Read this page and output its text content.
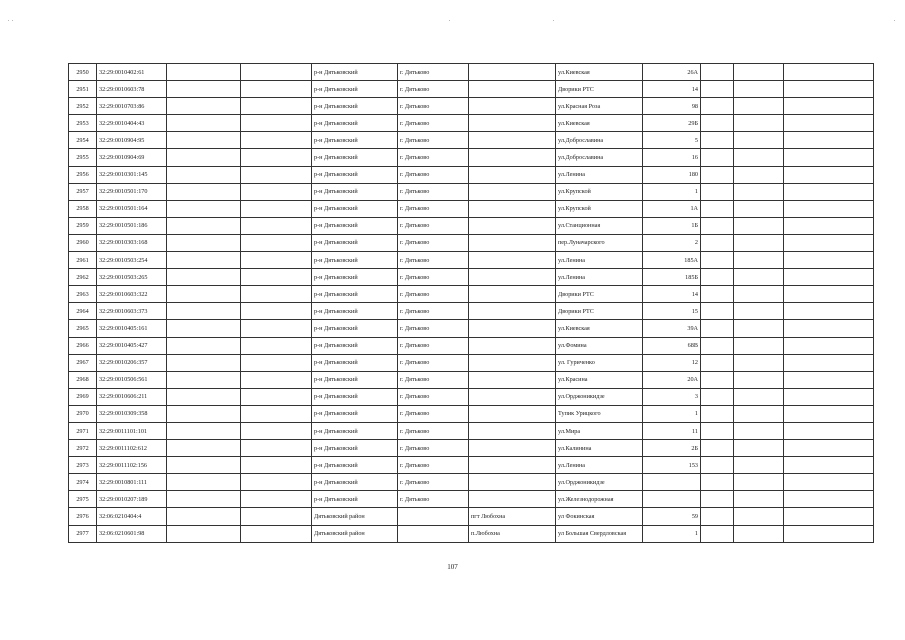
2950	32:29:0010402:61			р-н Дятьковский	г. Дятьково		ул.Киевская	26А			
2951	32:29:0010603:78			р-н Дятьковский	г. Дятьково		Дворики РТС	14			
2952	32:29:0010703:86			р-н Дятьковский	г. Дятьково		ул.Красная Роза	98			
2953	32:29:0010404:43			р-н Дятьковский	г. Дятьково		ул.Киевская	29Б			
2954	32:29:0010904:95			р-н Дятьковский	г. Дятьково		ул.Доброславина	5			
2955	32:29:0010904:69			р-н Дятьковский	г. Дятьково		ул.Доброславина	16			
2956	32:29:0010301:145			р-н Дятьковский	г. Дятьково		ул.Ленина	180			
2957	32:29:0010501:170			р-н Дятьковский	г. Дятьково		ул.Крупской	1			
2958	32:29:0010501:164			р-н Дятьковский	г. Дятьково		ул.Крупской	1А			
2959	32:29:0010501:186			р-н Дятьковский	г. Дятьково		ул.Станционная	1Б			
2960	32:29:0010303:168			р-н Дятьковский	г. Дятьково		пер.Луначарского	2			
2961	32:29:0010503:254			р-н Дятьковский	г. Дятьково		ул.Ленина	185А			
2962	32:29:0010503:265			р-н Дятьковский	г. Дятьково		ул.Ленина	185Б			
2963	32:29:0010603:322			р-н Дятьковский	г. Дятьково		Дворики РТС	14			
2964	32:29:0010603:373			р-н Дятьковский	г. Дятьково		Дворики РТС	15			
2965	32:29:0010405:161			р-н Дятьковский	г. Дятьково		ул.Киевская	39А			
2966	32:29:0010405:427			р-н Дятьковский	г. Дятьково		ул.Фомина	68В			
2967	32:29:0010206:357			р-н Дятьковский	г. Дятьково		ул. Гуриченко	12			
2968	32:29:0010506:561			р-н Дятьковский	г. Дятьково		ул.Красина	20А			
2969	32:29:0010606:211			р-н Дятьковский	г. Дятьково		ул.Орджоникидзе	3			
2970	32:29:0010309:358			р-н Дятьковский	г. Дятьково		Тупик Урицкого	1			
2971	32:29:0011101:101			р-н Дятьковский	г. Дятьково		ул.Мира	11			
2972	32:29:0011102:612			р-н Дятьковский	г. Дятьково		ул.Калинина	2Б			
2973	32:29:0011102:156			р-н Дятьковский	г. Дятьково		ул.Ленина	153			
2974	32:29:0010801:111			р-н Дятьковский	г. Дятьково		ул.Орджоникидзе				
2975	32:29:0010207:189			р-н Дятьковский	г. Дятьково		ул.Железнодорожная				
2976	32:06:0210404:4			Дятьковский район		пгт Любохна	ул Фокинская	59			
2977	32:06:0210601:98			Дятьковский район		п.Любохна	ул Большая Свердловская	1			
107
